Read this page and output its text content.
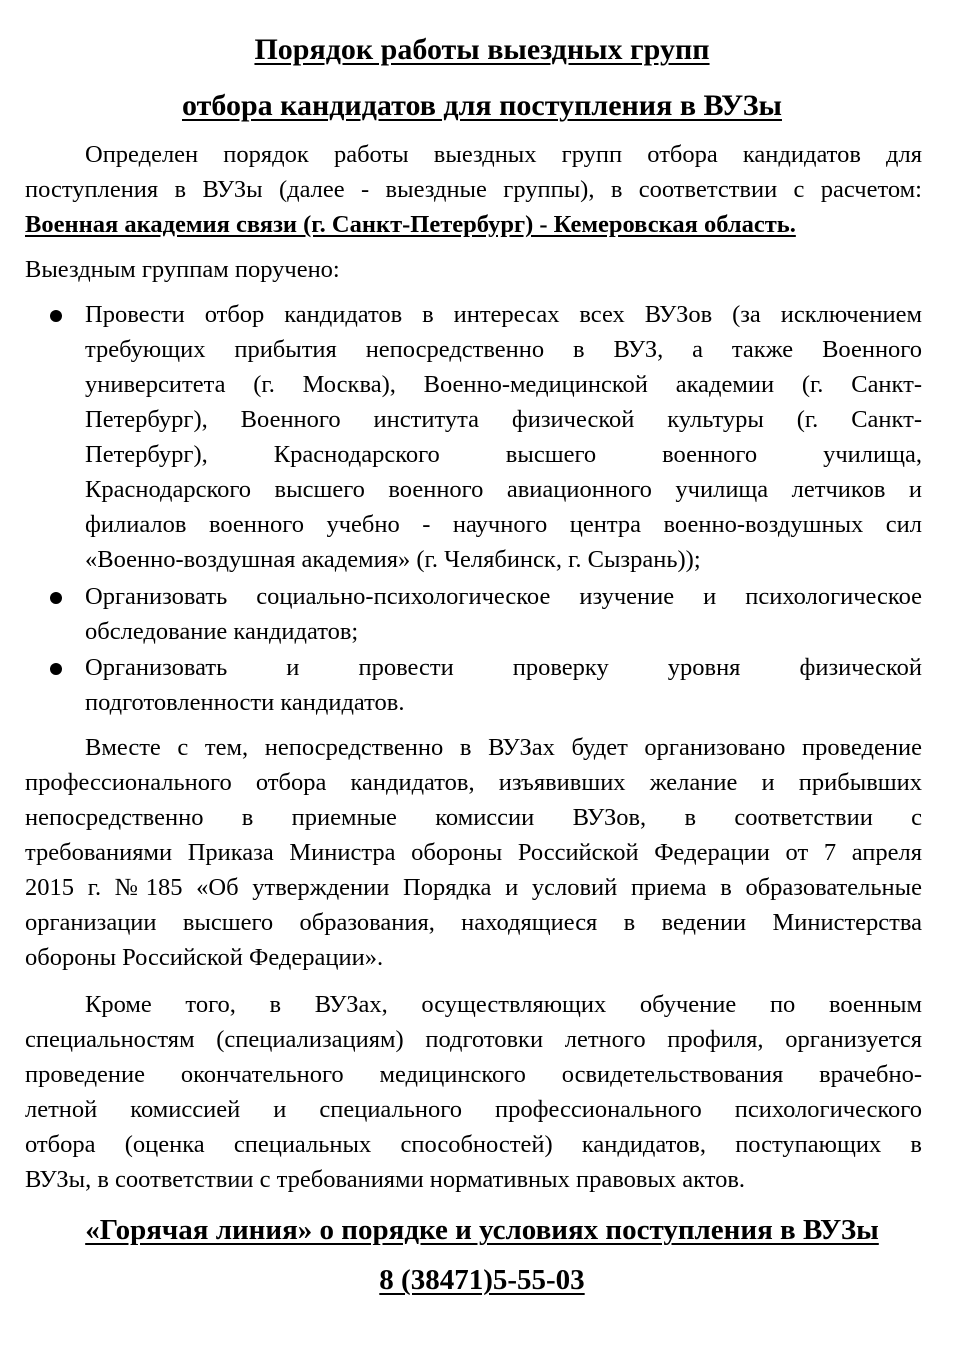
Порядок работы выездных групп
отбора кандидатов для поступления в ВУЗы
Определен порядок работы выездных групп отбора кандидатов для
поступления в ВУЗы (далее - выездные группы), в соответствии с расчетом:
Военная академия связи (г. Санкт-Петербург) - Кемеровская область.
Выездным группам поручено:
Провести отбор кандидатов в интересах всех ВУЗов (за исключением
требующих прибытия непосредственно в ВУЗ, а также Военного
университета (г. Москва), Военно-медицинской академии (г. Санкт-
Петербург), Военного института физической культуры (г. Санкт-
Петербург), Краснодарского высшего военного училища,
Краснодарского высшего военного авиационного училища летчиков и
филиалов военного учебно - научного центра военно-воздушных сил
«Военно-воздушная академия» (г. Челябинск, г. Сызрань));
Организовать социально-психологическое изучение и психологическое
обследование кандидатов;
Организовать и провести проверку уровня физической
подготовленности кандидатов.
Вместе с тем, непосредственно в ВУЗах будет организовано проведение
профессионального отбора кандидатов, изъявивших желание и прибывших
непосредственно в приемные комиссии ВУЗов, в соответствии с
требованиями Приказа Министра обороны Российской Федерации от 7 апреля
2015 г. №185 «Об утверждении Порядка и условий приема в образовательные
организации высшего образования, находящиеся в ведении Министерства
обороны Российской Федерации».
Кроме того, в ВУЗах, осуществляющих обучение по военным
специальностям (специализациям) подготовки летного профиля, организуется
проведение окончательного медицинского освидетельствования врачебно-
летной комиссией и специального профессионального психологического
отбора (оценка специальных способностей) кандидатов, поступающих в
ВУЗы, в соответствии с требованиями нормативных правовых актов.
«Горячая линия» о порядке и условиях поступления в ВУЗы
8 (38471)5-55-03
